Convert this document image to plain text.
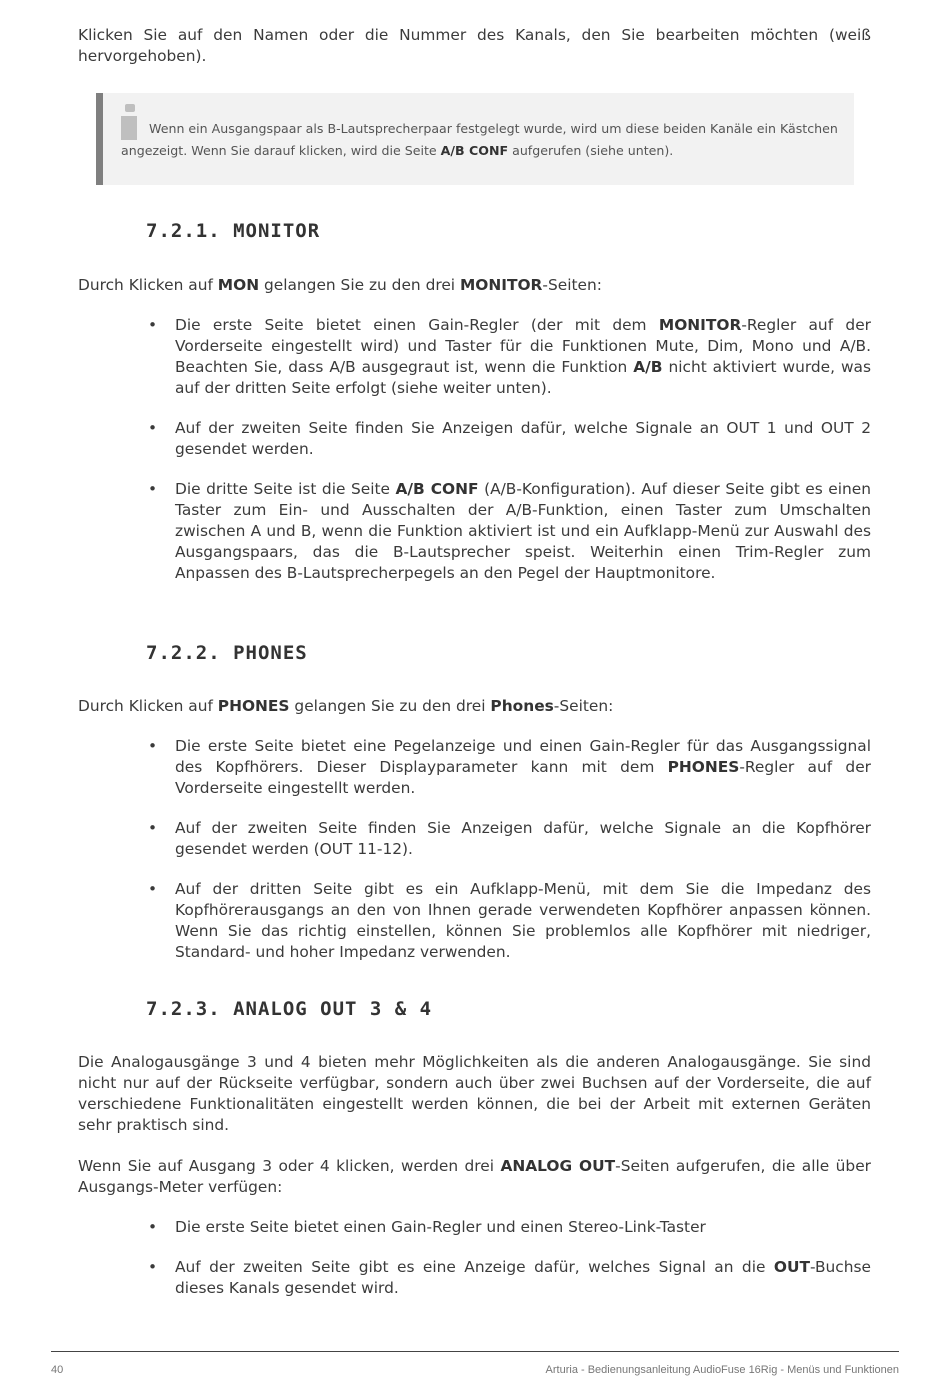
Klicken Sie auf den Namen oder die Nummer des Kanals, den Sie bearbeiten möchten (weiß hervorgehoben).

Wenn ein Ausgangspaar als B-Lautsprecherpaar festgelegt wurde, wird um diese beiden Kanäle ein Kästchen angezeigt. Wenn Sie darauf klicken, wird die Seite A/B CONF aufgerufen (siehe unten).

7.2.1. MONITOR

Durch Klicken auf MON gelangen Sie zu den drei MONITOR-Seiten:

• Die erste Seite bietet einen Gain-Regler (der mit dem MONITOR-Regler auf der Vorderseite eingestellt wird) und Taster für die Funktionen Mute, Dim, Mono und A/B. Beachten Sie, dass A/B ausgegraut ist, wenn die Funktion A/B nicht aktiviert wurde, was auf der dritten Seite erfolgt (siehe weiter unten).
• Auf der zweiten Seite finden Sie Anzeigen dafür, welche Signale an OUT 1 und OUT 2 gesendet werden.
• Die dritte Seite ist die Seite A/B CONF (A/B-Konfiguration). Auf dieser Seite gibt es einen Taster zum Ein- und Ausschalten der A/B-Funktion, einen Taster zum Umschalten zwischen A und B, wenn die Funktion aktiviert ist und ein Aufklapp-Menü zur Auswahl des Ausgangspaars, das die B-Lautsprecher speist. Weiterhin einen Trim-Regler zum Anpassen des B-Lautsprecherpegels an den Pegel der Hauptmonitore.
7.2.2. PHONES

Durch Klicken auf PHONES gelangen Sie zu den drei Phones-Seiten:

• Die erste Seite bietet eine Pegelanzeige und einen Gain-Regler für das Ausgangssignal des Kopfhörers. Dieser Displayparameter kann mit dem PHONES-Regler auf der Vorderseite eingestellt werden.
• Auf der zweiten Seite finden Sie Anzeigen dafür, welche Signale an die Kopfhörer gesendet werden (OUT 11-12).
• Auf der dritten Seite gibt es ein Aufklapp-Menü, mit dem Sie die Impedanz des Kopfhörerausgangs an den von Ihnen gerade verwendeten Kopfhörer anpassen können. Wenn Sie das richtig einstellen, können Sie problemlos alle Kopfhörer mit niedriger, Standard- und hoher Impedanz verwenden.
7.2.3. ANALOG OUT 3 & 4

Die Analogausgänge 3 und 4 bieten mehr Möglichkeiten als die anderen Analogausgänge. Sie sind nicht nur auf der Rückseite verfügbar, sondern auch über zwei Buchsen auf der Vorderseite, die auf verschiedene Funktionalitäten eingestellt werden können, die bei der Arbeit mit externen Geräten sehr praktisch sind.

Wenn Sie auf Ausgang 3 oder 4 klicken, werden drei ANALOG OUT-Seiten aufgerufen, die alle über Ausgangs-Meter verfügen:

• Die erste Seite bietet einen Gain-Regler und einen Stereo-Link-Taster
• Auf der zweiten Seite gibt es eine Anzeige dafür, welches Signal an die OUT-Buchse dieses Kanals gesendet wird.
40	Arturia - Bedienungsanleitung AudioFuse 16Rig - Menüs und Funktionen
